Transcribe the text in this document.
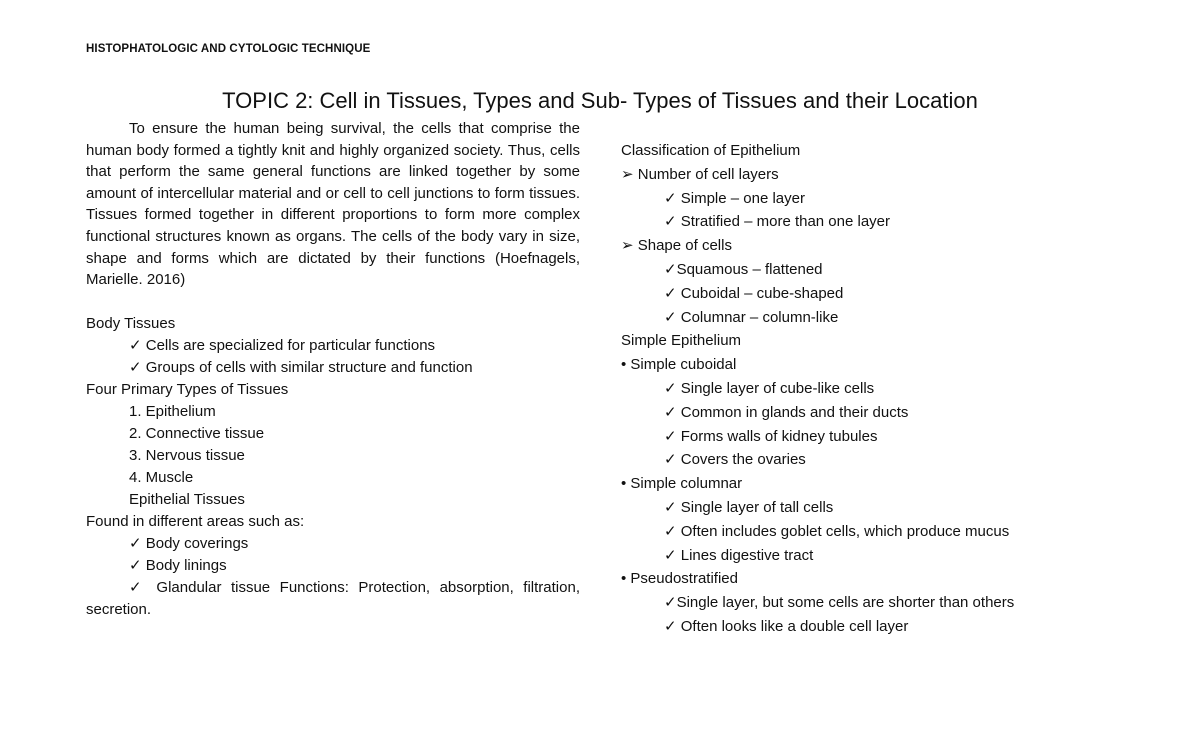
HISTOPHATOLOGIC AND CYTOLOGIC TECHNIQUE
TOPIC 2: Cell in Tissues, Types and Sub- Types of Tissues and their Location

To ensure the human being survival, the cells that comprise the human body formed a tightly knit and highly organized society. Thus, cells that perform the same general functions are linked together by some amount of intercellular material and or cell to cell junctions to form tissues. Tissues formed together in different proportions to form more complex functional structures known as organs. The cells of the body vary in size, shape and forms which are dictated by their functions (Hoefnagels, Marielle. 2016)

Body Tissues
✓ Cells are specialized for particular functions
✓ Groups of cells with similar structure and function
Four Primary Types of Tissues
1. Epithelium
2. Connective tissue
3. Nervous tissue
4. Muscle
Epithelial Tissues
Found in different areas such as:
✓ Body coverings
✓ Body linings
✓ Glandular tissue Functions: Protection, absorption, filtration,
secretion.
Classification of Epithelium
➢ Number of cell layers
✓ Simple – one layer
✓ Stratified – more than one layer
➢ Shape of cells
✓Squamous – flattened
✓ Cuboidal – cube-shaped
✓ Columnar – column-like
Simple Epithelium
• Simple cuboidal
✓ Single layer of cube-like cells
✓ Common in glands and their ducts
✓ Forms walls of kidney tubules
✓ Covers the ovaries
• Simple columnar
✓ Single layer of tall cells
✓ Often includes goblet cells, which produce mucus
✓ Lines digestive tract
• Pseudostratified
✓Single layer, but some cells are shorter than others
✓ Often looks like a double cell layer
